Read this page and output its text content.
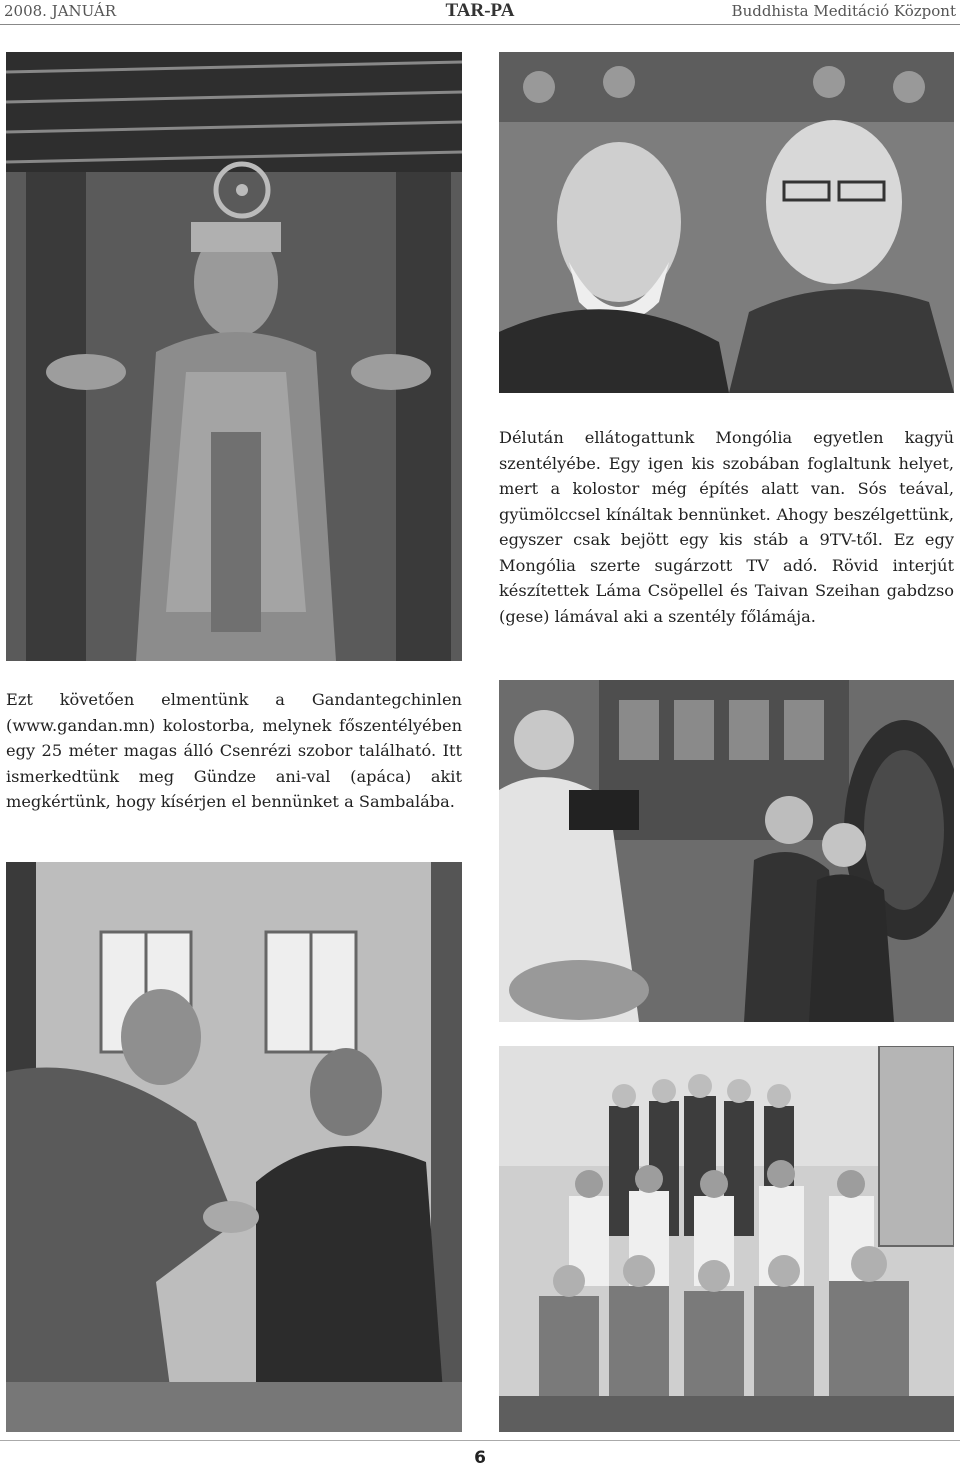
2008. JANUÁR	TAR-PA	Buddhista Meditáció Központ
Délután ellátogattunk Mongólia egyetlen kagyü szentélyébe. Egy igen kis szobában foglaltunk helyet, mert a kolostor még építés alatt van. Sós teával, gyümölccsel kínáltak bennünket. Ahogy beszélgettünk, egyszer csak bejött egy kis stáb a 9TV-től. Ez egy Mongólia szerte sugárzott TV adó. Rövid interjút készítettek Láma Csöpellel és Taivan Szeihan gabdzso (gese) lámával aki a szentély főlámája.
Ezt követően elmentünk a Gandantegchinlen (www.gandan.mn) kolostorba, melynek főszentélyében egy 25 méter magas álló Csenrézi szobor található. Itt ismerkedtünk meg Gündze ani-val (apáca) akit megkértünk, hogy kísérjen el bennünket a Sambalába.
6
